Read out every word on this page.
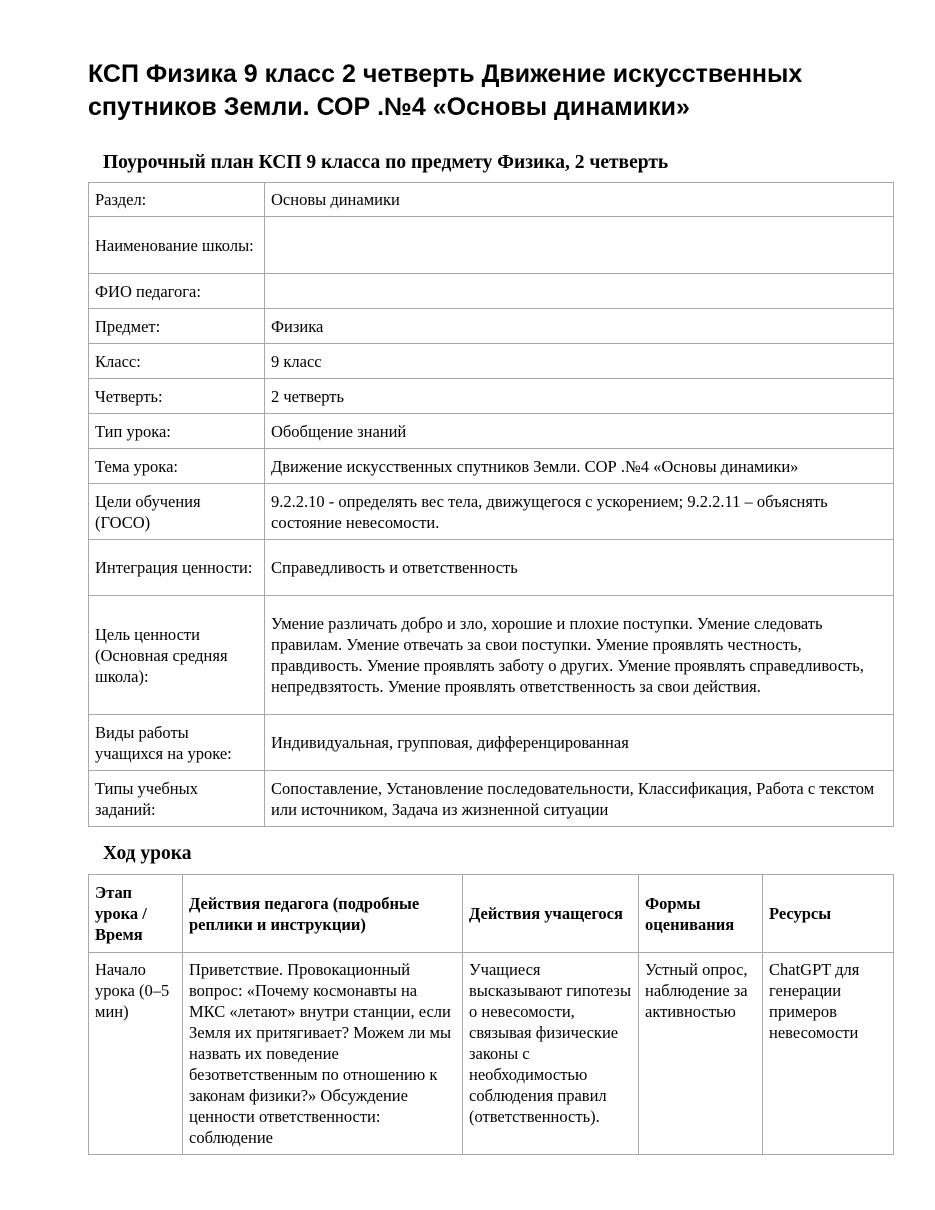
КСП Физика 9 класс 2 четверть Движение искусственных спутников Земли. СОР .№4 «Основы динамики»
Поурочный план КСП 9 класса по предмету Физика, 2 четверть
Раздел:	Основы динамики
Наименование школы:	
ФИО педагога:	
Предмет:	Физика
Класс:	9 класс
Четверть:	2 четверть
Тип урока:	Обобщение знаний
Тема урока:	Движение искусственных спутников Земли. СОР .№4 «Основы динамики»
Цели обучения (ГОСО)	9.2.2.10 - определять вес тела, движущегося с ускорением; 9.2.2.11 – объяснять состояние невесомости.
Интеграция ценности:	Справедливость и ответственность
Цель ценности (Основная средняя школа):	Умение различать добро и зло, хорошие и плохие поступки. Умение следовать правилам. Умение отвечать за свои поступки. Умение проявлять честность, правдивость. Умение проявлять заботу о других. Умение проявлять справедливость, непредвзятость. Умение проявлять ответственность за свои действия.
Виды работы учащихся на уроке:	Индивидуальная, групповая, дифференцированная
Типы учебных заданий:	Сопоставление, Установление последовательности, Классификация, Работа с текстом или источником, Задача из жизненной ситуации
Ход урока
Этап урока / Время	Действия педагога (подробные реплики и инструкции)	Действия учащегося	Формы оценивания	Ресурсы
Начало урока (0–5 мин)	Приветствие. Провокационный вопрос: «Почему космонавты на МКС «летают» внутри станции, если Земля их притягивает? Можем ли мы назвать их поведение безответственным по отношению к законам физики?» Обсуждение ценности ответственности: соблюдение	Учащиеся высказывают гипотезы о невесомости, связывая физические законы с необходимостью соблюдения правил (ответственность).	Устный опрос, наблюдение за активностью	ChatGPT для генерации примеров невесомости
